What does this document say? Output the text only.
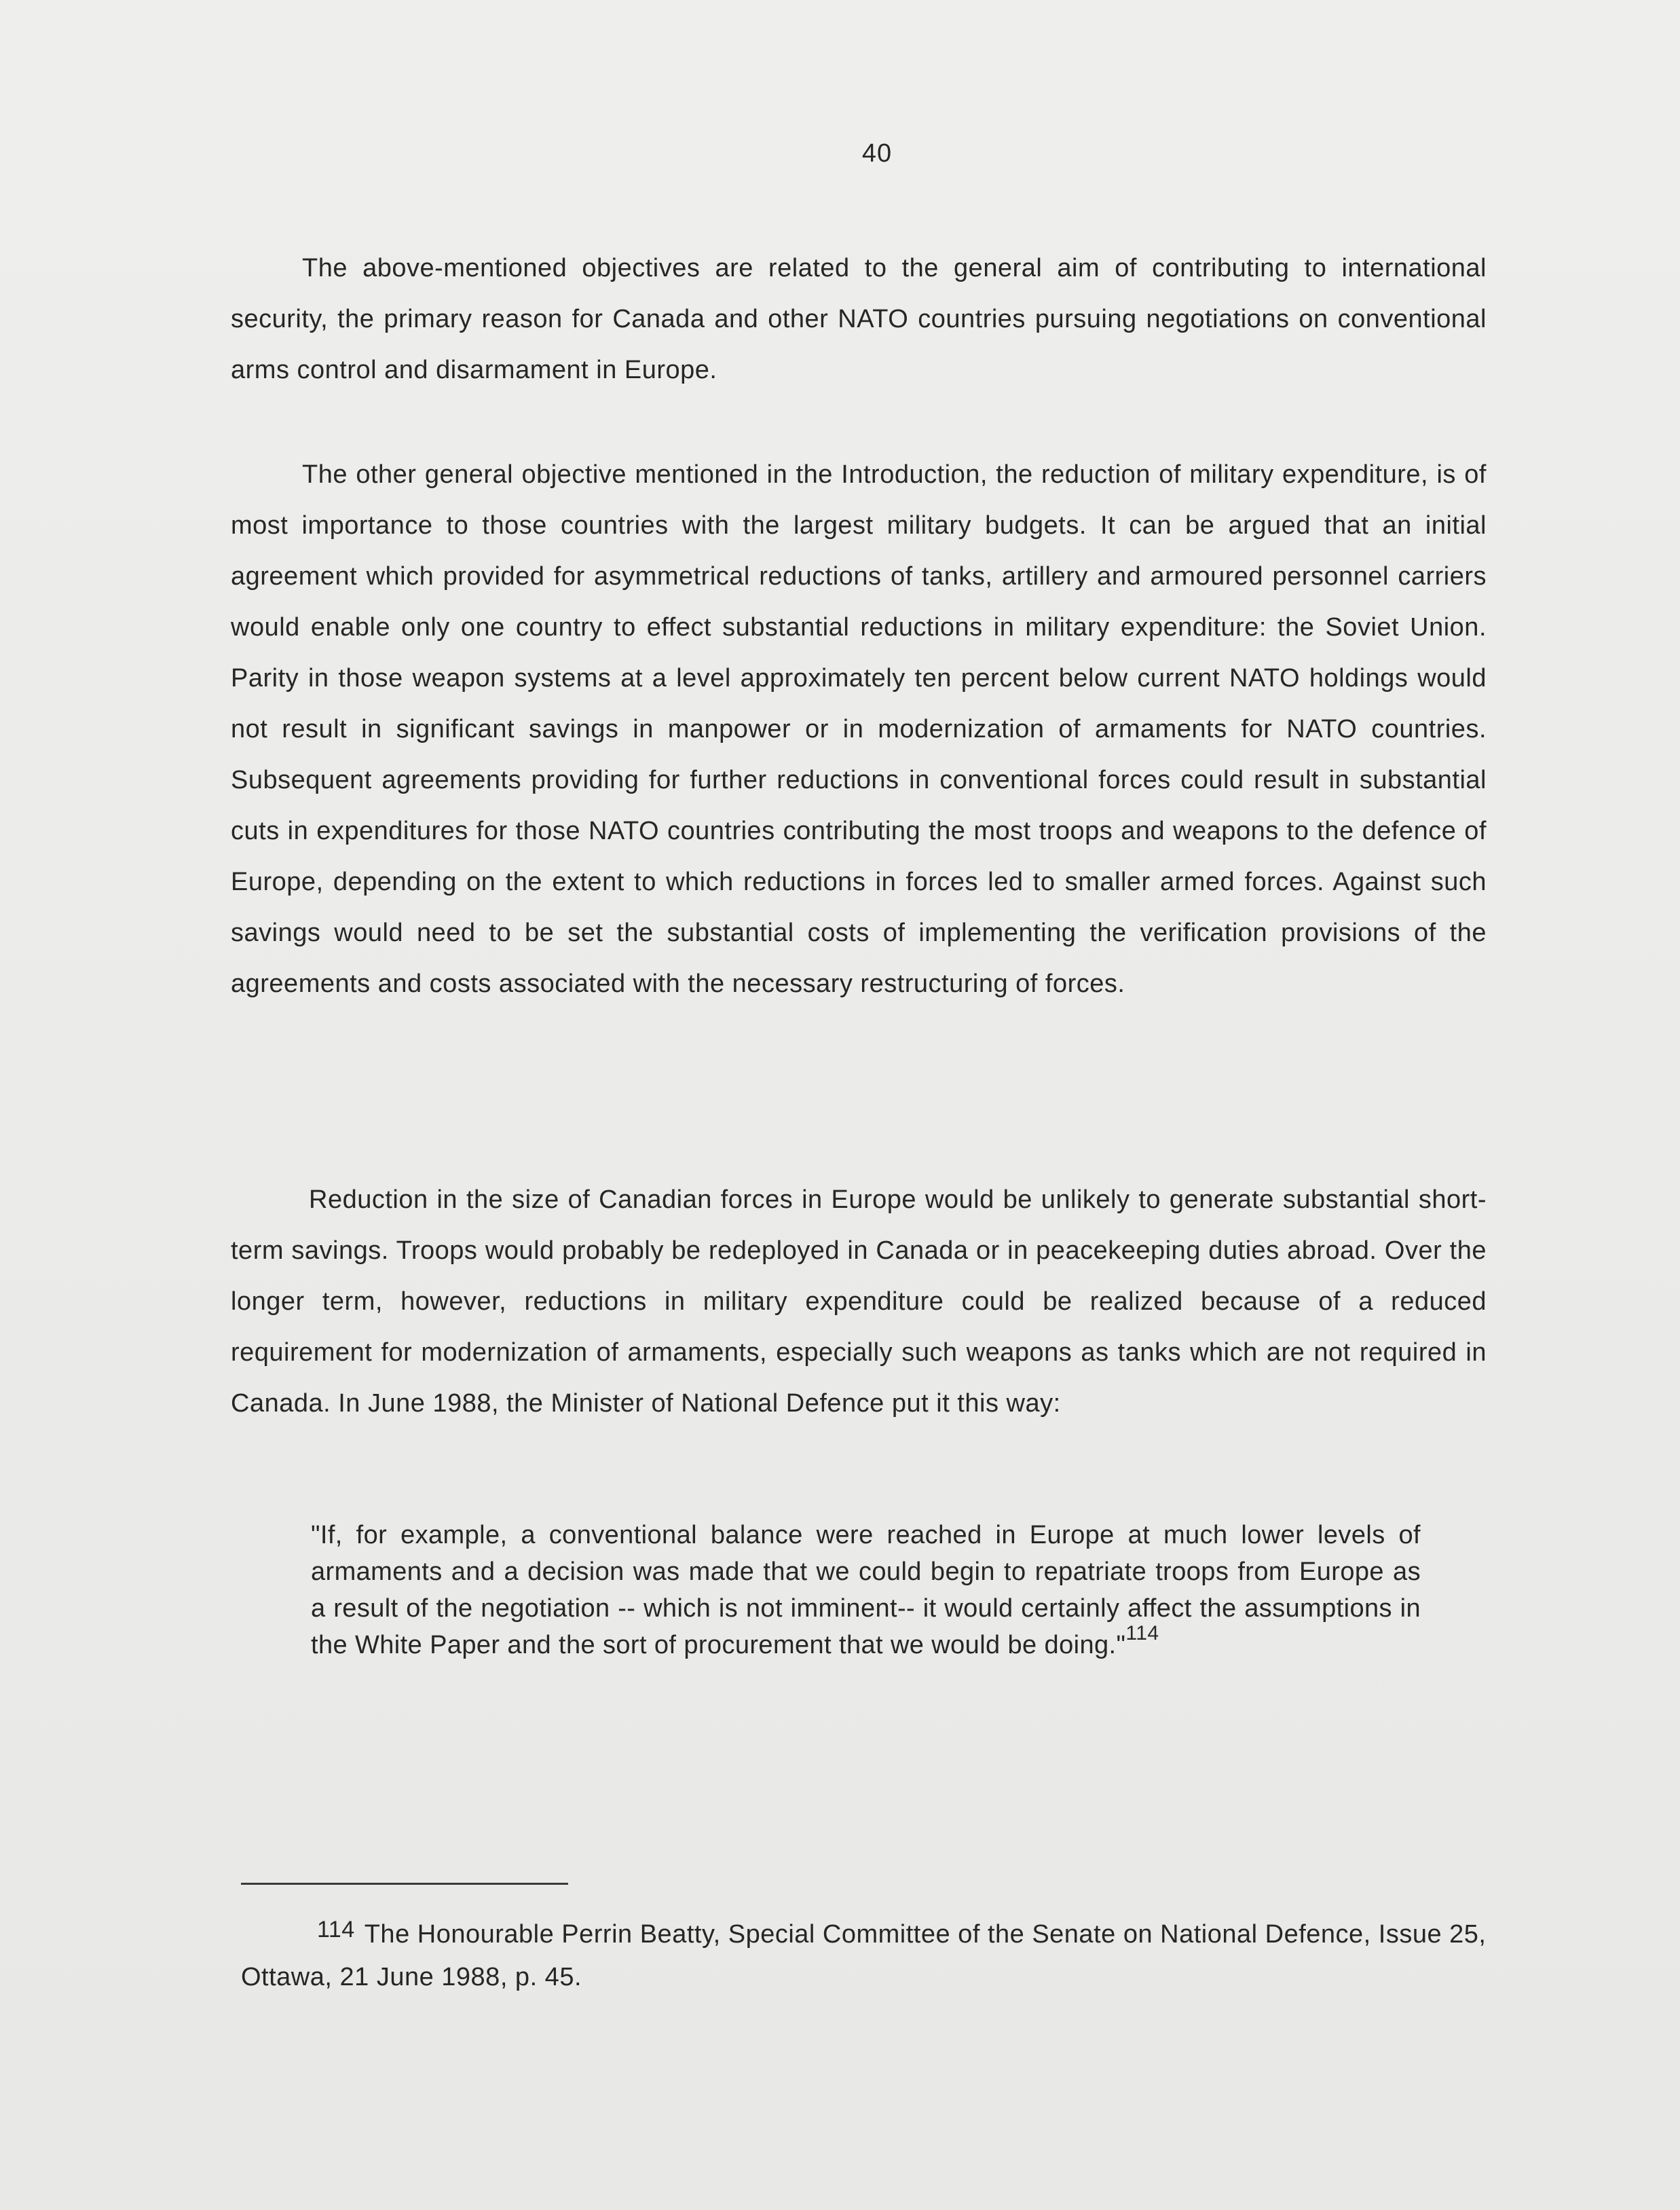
40

The above-mentioned objectives are related to the general aim of contributing to international security, the primary reason for Canada and other NATO countries pursuing negotiations on conventional arms control and disarmament in Europe.

The other general objective mentioned in the Introduction, the reduction of military expenditure, is of most importance to those countries with the largest military budgets. It can be argued that an initial agreement which provided for asymmetrical reductions of tanks, artillery and armoured personnel carriers would enable only one country to effect substantial reductions in military expenditure: the Soviet Union. Parity in those weapon systems at a level approximately ten percent below current NATO holdings would not result in significant savings in manpower or in modernization of armaments for NATO countries. Subsequent agreements providing for further reductions in conventional forces could result in substantial cuts in expenditures for those NATO countries contributing the most troops and weapons to the defence of Europe, depending on the extent to which reductions in forces led to smaller armed forces. Against such savings would need to be set the substantial costs of implementing the verification provisions of the agreements and costs associated with the necessary restructuring of forces.

Reduction in the size of Canadian forces in Europe would be unlikely to generate substantial short-term savings. Troops would probably be redeployed in Canada or in peacekeeping duties abroad. Over the longer term, however, reductions in military expenditure could be realized because of a reduced requirement for modernization of armaments, especially such weapons as tanks which are not required in Canada. In June 1988, the Minister of National Defence put it this way:

"If, for example, a conventional balance were reached in Europe at much lower levels of armaments and a decision was made that we could begin to repatriate troops from Europe as a result of the negotiation -- which is not imminent-- it would certainly affect the assumptions in the White Paper and the sort of procurement that we would be doing."$^{114}$

114 The Honourable Perrin Beatty, Special Committee of the Senate on National Defence, Issue 25, Ottawa, 21 June 1988, p. 45.
